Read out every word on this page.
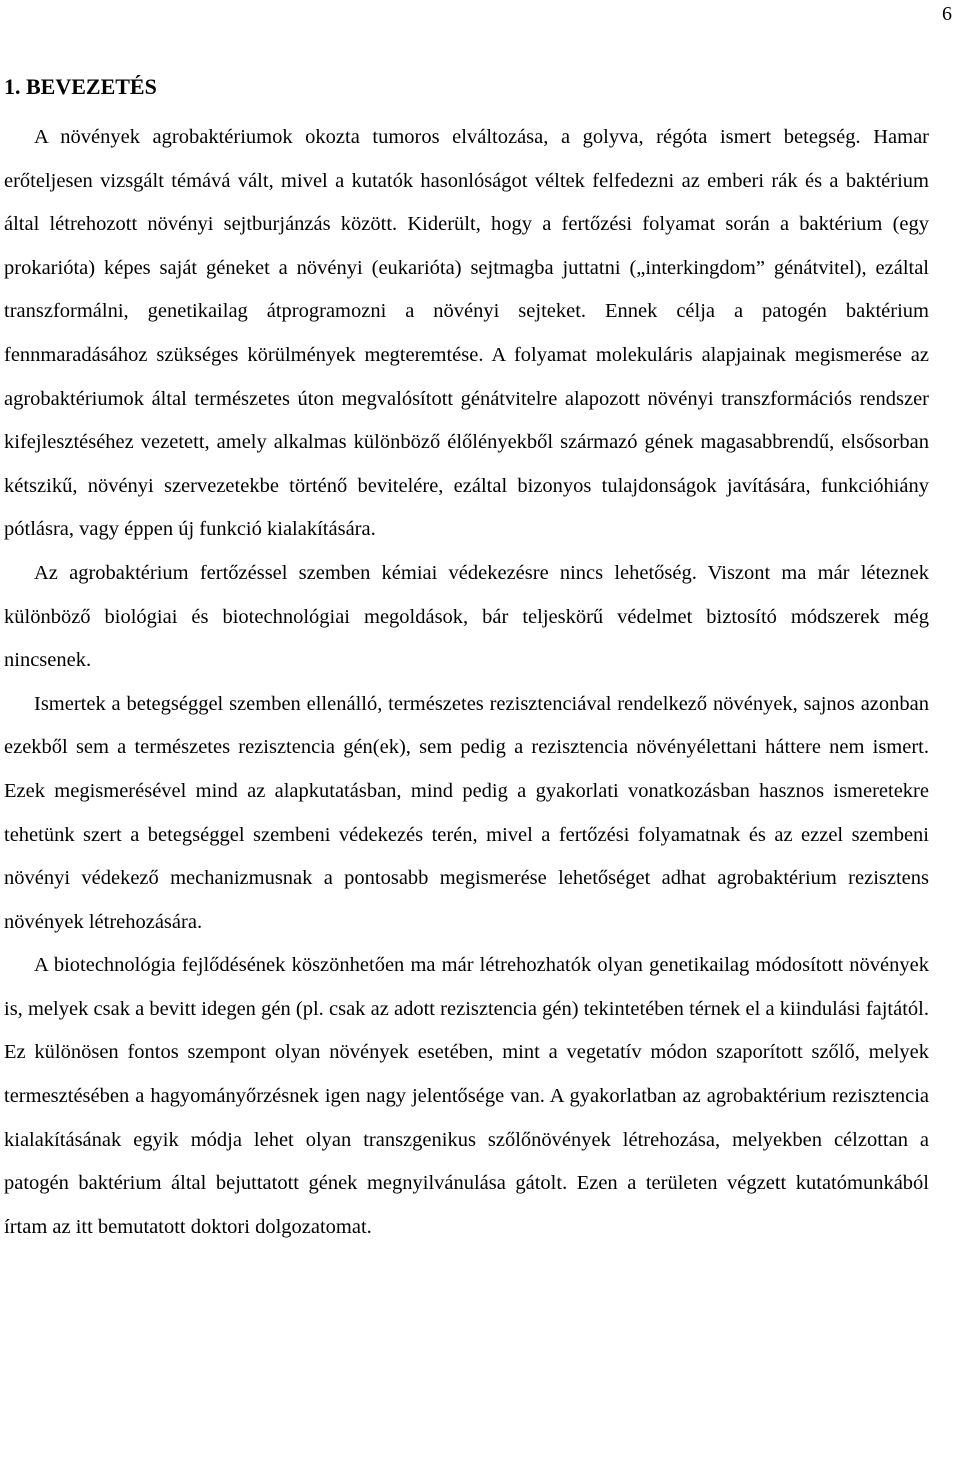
6
1. BEVEZETÉS

A növények agrobaktériumok okozta tumoros elváltozása, a golyva, régóta ismert betegség. Hamar erőteljesen vizsgált témává vált, mivel a kutatók hasonlóságot véltek felfedezni az emberi rák és a baktérium által létrehozott növényi sejtburjánzás között. Kiderült, hogy a fertőzési folyamat során a baktérium (egy prokarióta) képes saját géneket a növényi (eukarióta) sejtmagba juttatni („interkingdom” génátvitel), ezáltal transzformálni, genetikailag átprogramozni a növényi sejteket. Ennek célja a patogén baktérium fennmaradásához szükséges körülmények megteremtése. A folyamat molekuláris alapjainak megismerése az agrobaktériumok által természetes úton megvalósított génátvitelre alapozott növényi transzformációs rendszer kifejlesztéséhez vezetett, amely alkalmas különböző élőlényekből származó gének magasabbrendű, elsősorban kétszikű, növényi szervezetekbe történő bevitelére, ezáltal bizonyos tulajdonságok javítására, funkcióhiány pótlásra, vagy éppen új funkció kialakítására.

Az agrobaktérium fertőzéssel szemben kémiai védekezésre nincs lehetőség. Viszont ma már léteznek különböző biológiai és biotechnológiai megoldások, bár teljeskörű védelmet biztosító módszerek még nincsenek.

Ismertek a betegséggel szemben ellenálló, természetes rezisztenciával rendelkező növények, sajnos azonban ezekből sem a természetes rezisztencia gén(ek), sem pedig a rezisztencia növényélettani háttere nem ismert. Ezek megismerésével mind az alapkutatásban, mind pedig a gyakorlati vonatkozásban hasznos ismeretekre tehetünk szert a betegséggel szembeni védekezés terén, mivel a fertőzési folyamatnak és az ezzel szembeni növényi védekező mechanizmusnak a pontosabb megismerése lehetőséget adhat agrobaktérium rezisztens növények létrehozására.

A biotechnológia fejlődésének köszönhetően ma már létrehozhatók olyan genetikailag módosított növények is, melyek csak a bevitt idegen gén (pl. csak az adott rezisztencia gén) tekintetében térnek el a kiindulási fajtától. Ez különösen fontos szempont olyan növények esetében, mint a vegetatív módon szaporított szőlő, melyek termesztésében a hagyományőrzésnek igen nagy jelentősége van. A gyakorlatban az agrobaktérium rezisztencia kialakításának egyik módja lehet olyan transzgenikus szőlőnövények létrehozása, melyekben célzottan a patogén baktérium által bejuttatott gének megnyilvánulása gátolt. Ezen a területen végzett kutatómunkából írtam az itt bemutatott doktori dolgozatomat.
